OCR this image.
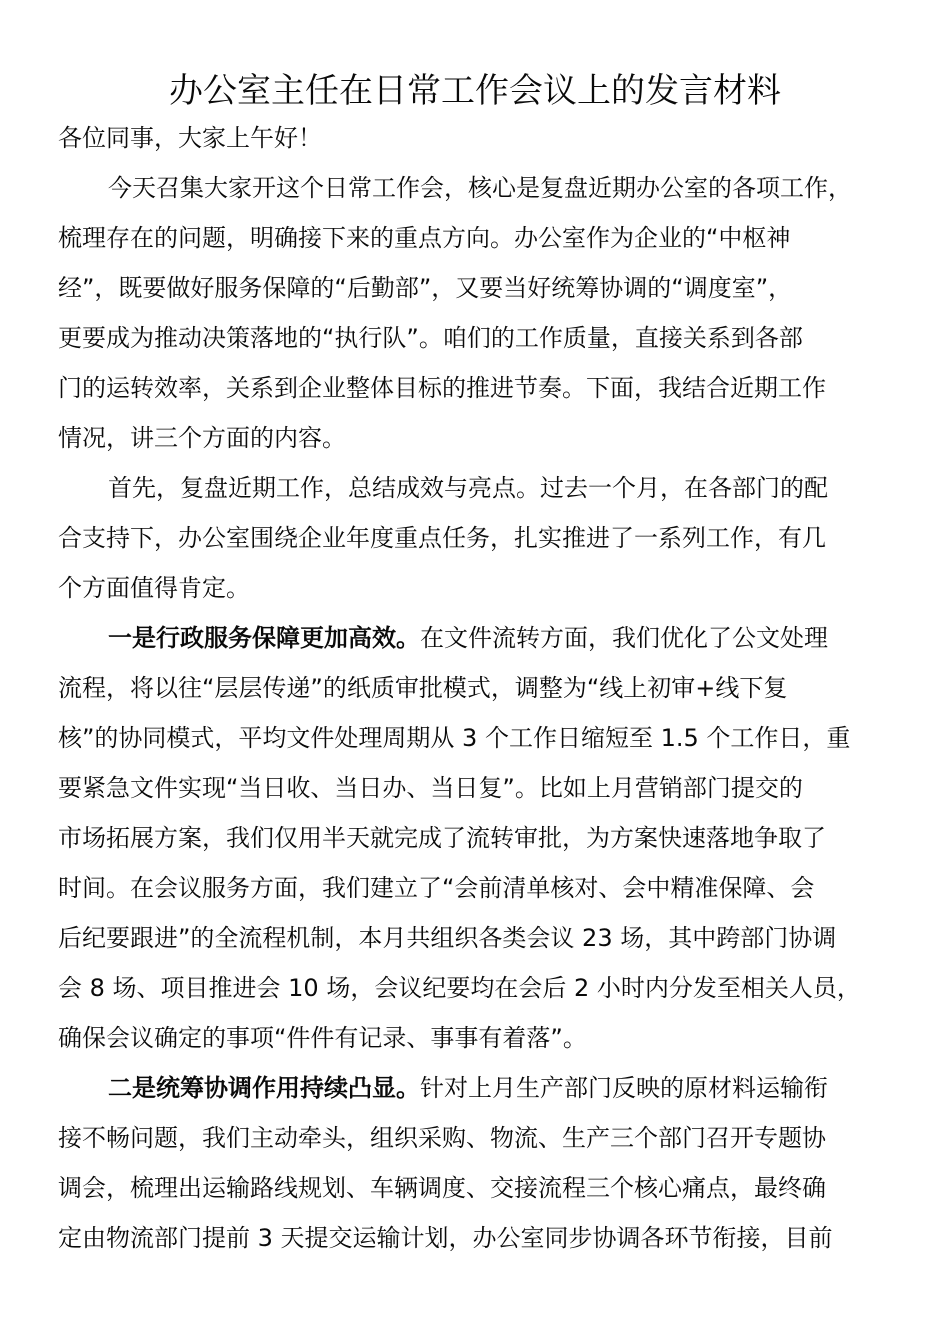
办公室主任在日常工作会议上的发言材料
各位同事，大家上午好！
今天召集大家开这个日常工作会，核心是复盘近期办公室的各项工作，
梳理存在的问题，明确接下来的重点方向。办公室作为企业的“中枢神
经”，既要做好服务保障的“后勤部”，又要当好统筹协调的“调度室”，
更要成为推动决策落地的“执行队”。咱们的工作质量，直接关系到各部
门的运转效率，关系到企业整体目标的推进节奏。下面，我结合近期工作
情况，讲三个方面的内容。
首先，复盘近期工作，总结成效与亮点。过去一个月，在各部门的配
合支持下，办公室围绕企业年度重点任务，扎实推进了一系列工作，有几
个方面值得肯定。
一是行政服务保障更加高效。在文件流转方面，我们优化了公文处理
流程，将以往“层层传递”的纸质审批模式，调整为“线上初审+线下复
核”的协同模式，平均文件处理周期从 3 个工作日缩短至 1.5 个工作日，重
要紧急文件实现“当日收、当日办、当日复”。比如上月营销部门提交的
市场拓展方案，我们仅用半天就完成了流转审批，为方案快速落地争取了
时间。在会议服务方面，我们建立了“会前清单核对、会中精准保障、会
后纪要跟进”的全流程机制，本月共组织各类会议 23 场，其中跨部门协调
会 8 场、项目推进会 10 场，会议纪要均在会后 2 小时内分发至相关人员，
确保会议确定的事项“件件有记录、事事有着落”。
二是统筹协调作用持续凸显。针对上月生产部门反映的原材料运输衔
接不畅问题，我们主动牵头，组织采购、物流、生产三个部门召开专题协
调会，梳理出运输路线规划、车辆调度、交接流程三个核心痛点，最终确
定由物流部门提前 3 天提交运输计划，办公室同步协调各环节衔接，目前
